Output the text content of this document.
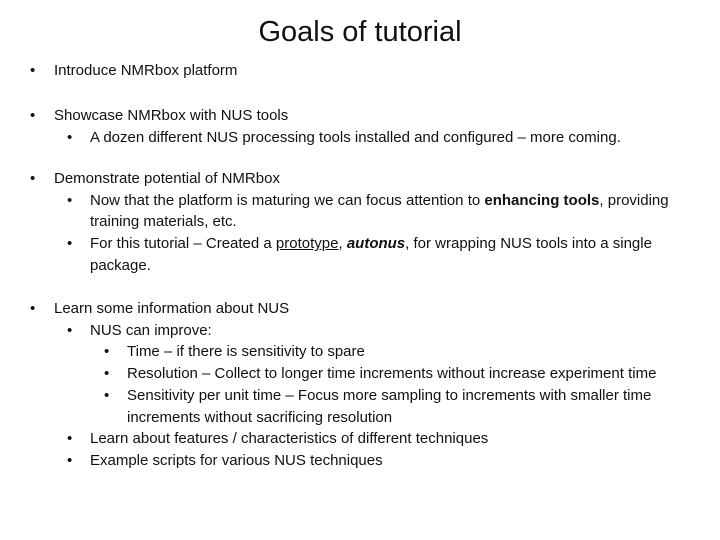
Goals of tutorial
• Introduce NMRbox platform
• Showcase NMRbox with NUS tools
• A dozen different NUS processing tools installed and configured – more coming.
• Demonstrate potential of NMRbox
• Now that the platform is maturing we can focus attention to enhancing tools, providing training materials, etc.
• For this tutorial – Created a prototype, autonus, for wrapping NUS tools into a single package.
• Learn some information about NUS
• NUS can improve:
• Time – if there is sensitivity to spare
• Resolution – Collect to longer time increments without increase experiment time
• Sensitivity per unit time – Focus more sampling to increments with smaller time increments without sacrificing resolution
• Learn about features / characteristics of different techniques
• Example scripts for various NUS techniques
